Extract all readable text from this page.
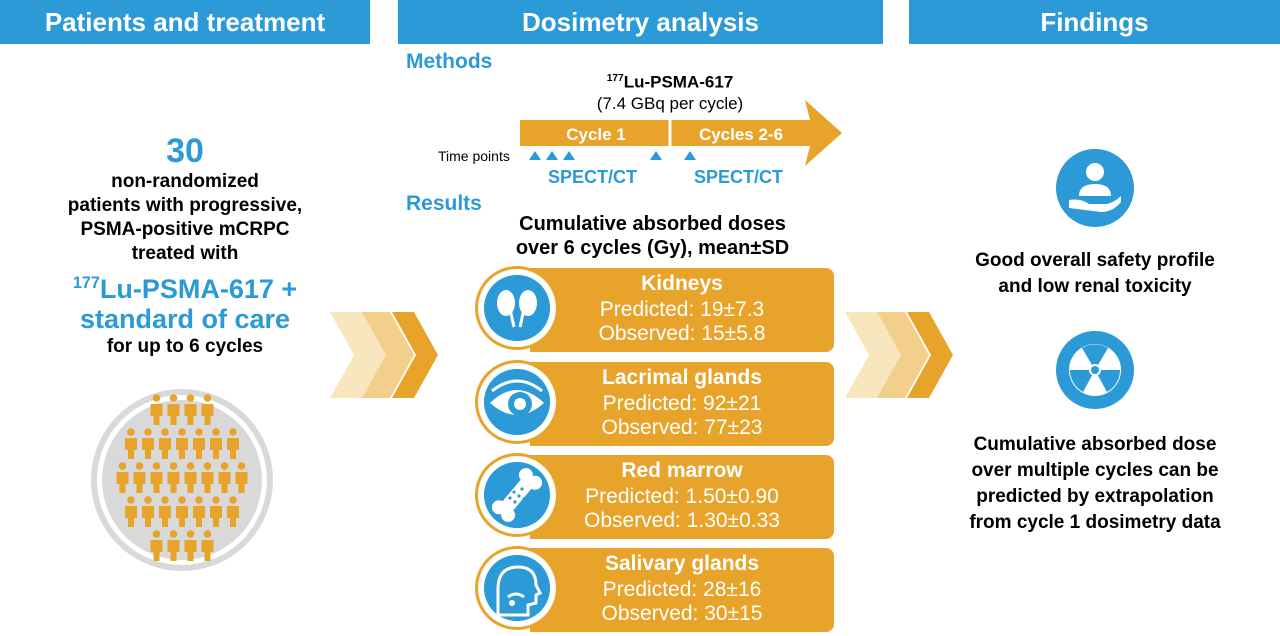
Patients and treatment	Dosimetry analysis	Findings
30
non-randomized
patients with progressive,
PSMA-positive mCRPC
treated with
$^{177}$Lu-PSMA-617 +
standard of care
for up to 6 cycles
Methods
$^{177}$Lu-PSMA-617
(7.4 GBq per cycle)
Cycle 1	Cycles 2-6
Time points
SPECT/CT	SPECT/CT
Results
Cumulative absorbed doses
over 6 cycles (Gy), mean±SD
Kidneys
Predicted: 19±7.3
Observed: 15±5.8
Lacrimal glands
Predicted: 92±21
Observed: 77±23
Red marrow
Predicted: 1.50±0.90
Observed: 1.30±0.33
Salivary glands
Predicted: 28±16
Observed: 30±15
Good overall safety profile
and low renal toxicity
Cumulative absorbed dose
over multiple cycles can be
predicted by extrapolation
from cycle 1 dosimetry data
